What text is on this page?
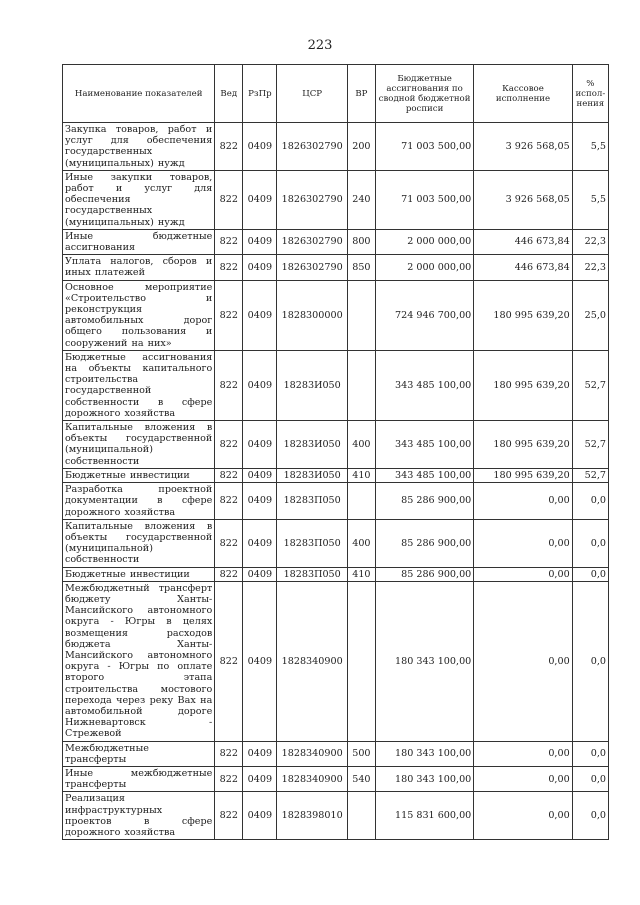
223
Наименование показателей	Вед	РзПр	ЦСР	ВР	Бюджетные ассигнования по сводной бюджетной росписи	Кассовое исполнение	% испол-нения
Закупка товаров, работ и услуг для обеспечения государственных (муниципальных) нужд	822	0409	1826302790	200	71 003 500,00	3 926 568,05	5,5
Иные закупки товаров, работ и услуг для обеспечения государственных (муниципальных) нужд	822	0409	1826302790	240	71 003 500,00	3 926 568,05	5,5
Иные бюджетные ассигнования	822	0409	1826302790	800	2 000 000,00	446 673,84	22,3
Уплата налогов, сборов и иных платежей	822	0409	1826302790	850	2 000 000,00	446 673,84	22,3
Основное мероприятие «Строительство и реконструкция автомобильных дорог общего пользования и сооружений на них»	822	0409	1828300000		724 946 700,00	180 995 639,20	25,0
Бюджетные ассигнования на объекты капитального строительства государственной собственности в сфере дорожного хозяйства	822	0409	18283И050		343 485 100,00	180 995 639,20	52,7
Капитальные вложения в объекты государственной (муниципальной) собственности	822	0409	18283И050	400	343 485 100,00	180 995 639,20	52,7
Бюджетные инвестиции	822	0409	18283И050	410	343 485 100,00	180 995 639,20	52,7
Разработка проектной документации в сфере дорожного хозяйства	822	0409	18283П050		85 286 900,00	0,00	0,0
Капитальные вложения в объекты государственной (муниципальной) собственности	822	0409	18283П050	400	85 286 900,00	0,00	0,0
Бюджетные инвестиции	822	0409	18283П050	410	85 286 900,00	0,00	0,0
Межбюджетный трансферт бюджету Ханты-Мансийского автономного округа - Югры в целях возмещения расходов бюджета Ханты-Мансийского автономного округа - Югры по оплате второго этапа строительства мостового перехода через реку Вах на автомобильной дороге Нижневартовск - Стрежевой	822	0409	1828340900		180 343 100,00	0,00	0,0
Межбюджетные трансферты	822	0409	1828340900	500	180 343 100,00	0,00	0,0
Иные межбюджетные трансферты	822	0409	1828340900	540	180 343 100,00	0,00	0,0
Реализация инфраструктурных проектов в сфере дорожного хозяйства	822	0409	1828398010		115 831 600,00	0,00	0,0
